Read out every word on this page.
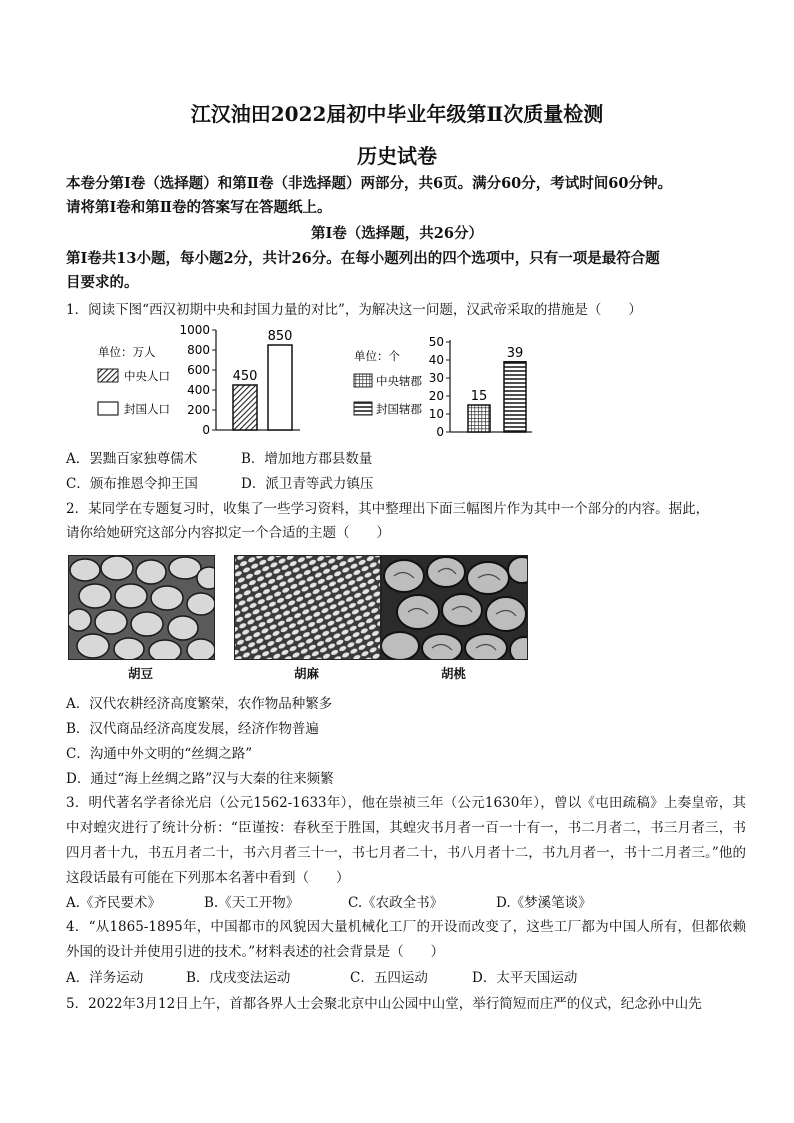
江汉油田2022届初中毕业年级第Ⅱ次质量检测
历史试卷
本卷分第Ⅰ卷（选择题）和第Ⅱ卷（非选择题）两部分，共6页。满分60分，考试时间60分钟。
请将第Ⅰ卷和第Ⅱ卷的答案写在答题纸上。
第Ⅰ卷（选择题，共26分）
第Ⅰ卷共13小题，每小题2分，共计26分。在每小题列出的四个选项中，只有一项是最符合题
目要求的。
1．阅读下图“西汉初期中央和封国力量的对比”，为解决这一问题，汉武帝采取的措施是（　　）
单位：万人
中央人口
封国人口
1000
800
600
400
200
0
450
850
单位：个
中央辖郡
封国辖郡
50
40
30
20
10
0
15
39
A．罢黜百家独尊儒术	B．增加地方郡县数量
C．颁布推恩令抑王国	D．派卫青等武力镇压
2．某同学在专题复习时，收集了一些学习资料，其中整理出下面三幅图片作为其中一个部分的内容。据此，
请你给她研究这部分内容拟定一个合适的主题（　　）
胡豆	胡麻	胡桃
A．汉代农耕经济高度繁荣，农作物品种繁多
B．汉代商品经济高度发展，经济作物普遍
C．沟通中外文明的“丝绸之路”
D．通过“海上丝绸之路”汉与大秦的往来频繁
3．明代著名学者徐光启（公元1562-1633年），他在崇祯三年（公元1630年），曾以《屯田疏稿》上奏皇帝，其中对蝗灾进行了统计分析：“臣谨按：春秋至于胜国，其蝗灾书月者一百一十有一，书二月者二，书三月者三，书四月者十九，书五月者二十，书六月者三十一，书七月者二十，书八月者十二，书九月者一，书十二月者三。”他的这段话最有可能在下列那本名著中看到（　　）
A.《齐民要术》	B.《天工开物》	C.《农政全书》	D.《梦溪笔谈》
4．“从1865-1895年，中国都市的风貌因大量机械化工厂的开设而改变了，这些工厂都为中国人所有，但都依赖外国的设计并使用引进的技术。”材料表述的社会背景是（　　）
A．洋务运动	B．戊戌变法运动	C．五四运动	D．太平天国运动
5．2022年3月12日上午，首都各界人士会聚北京中山公园中山堂，举行简短而庄严的仪式，纪念孙中山先
